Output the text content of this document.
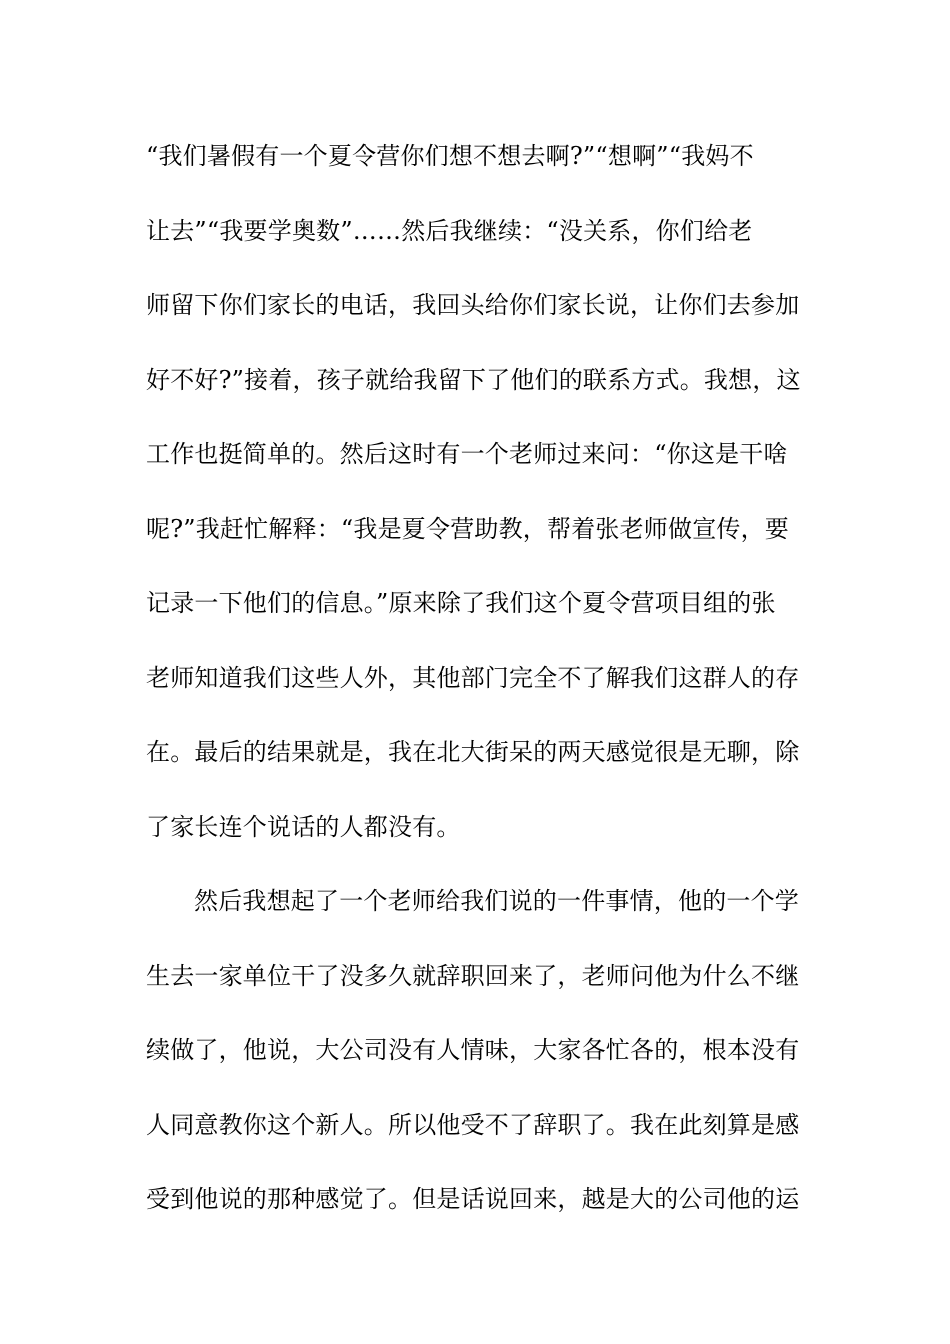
“我们暑假有一个夏令营你们想不想去啊?”“想啊”“我妈不
让去”“我要学奥数”……然后我继续：“没关系，你们给老
师留下你们家长的电话，我回头给你们家长说，让你们去参加
好不好?”接着，孩子就给我留下了他们的联系方式。我想，这
工作也挺简单的。然后这时有一个老师过来问：“你这是干啥
呢?”我赶忙解释：“我是夏令营助教，帮着张老师做宣传，要
记录一下他们的信息。”原来除了我们这个夏令营项目组的张
老师知道我们这些人外，其他部门完全不了解我们这群人的存
在。最后的结果就是，我在北大街呆的两天感觉很是无聊，除
了家长连个说话的人都没有。
然后我想起了一个老师给我们说的一件事情，他的一个学
生去一家单位干了没多久就辞职回来了，老师问他为什么不继
续做了，他说，大公司没有人情味，大家各忙各的，根本没有
人同意教你这个新人。所以他受不了辞职了。我在此刻算是感
受到他说的那种感觉了。但是话说回来，越是大的公司他的运
